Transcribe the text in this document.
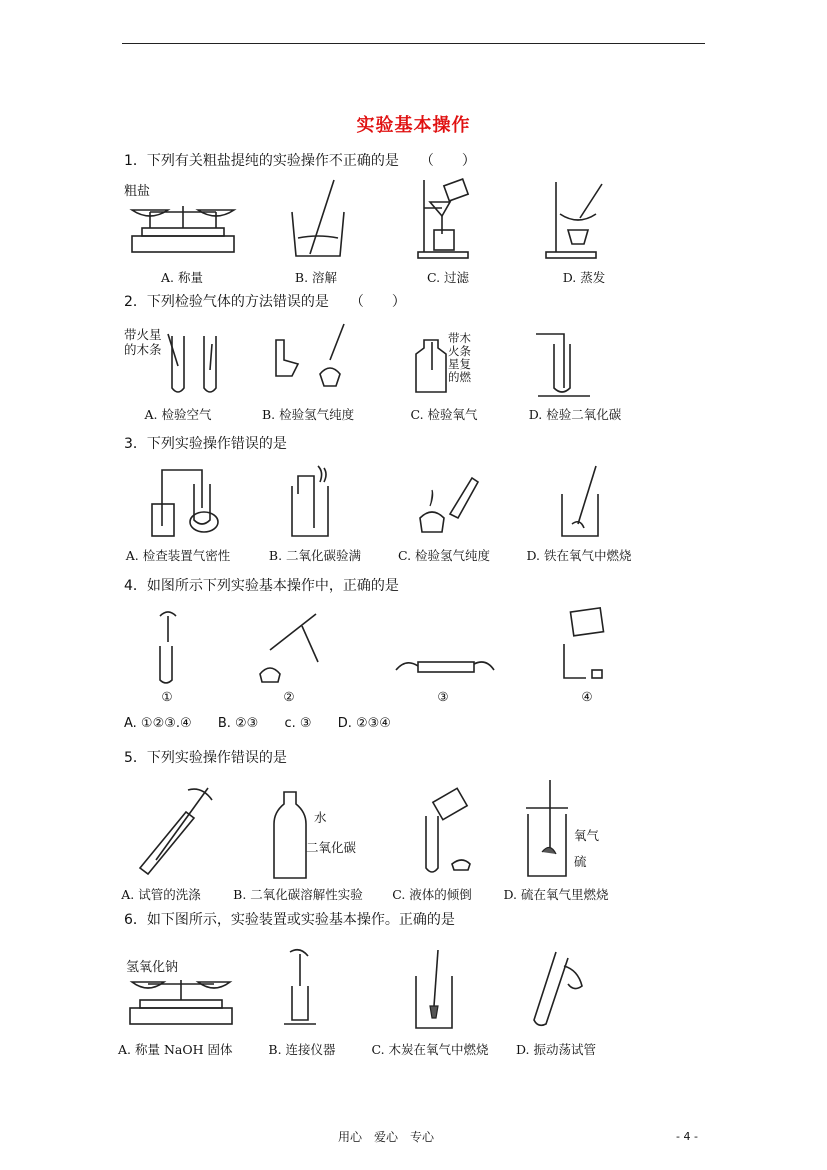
实验基本操作
1．下列有关粗盐提纯的实验操作不正确的是　　（　　）
粗盐
A. 称量	B. 溶解	C. 过滤	D. 蒸发
2．下列检验气体的方法错误的是　　（　　）
带火星
的木条
带木
火条
星复
的燃
A. 检验空气	B. 检验氢气纯度	C. 检验氧气	D. 检验二氧化碳
3．下列实验操作错误的是
A. 检查装置气密性	B. 二氧化碳验满	C. 检验氢气纯度	D. 铁在氧气中燃烧
4．如图所示下列实验基本操作中，正确的是
①	②	③	④
A. ①②③.④ B. ②③ c. ③ D. ②③④
5．下列实验操作错误的是
水
二氧化碳
氧气
硫
A. 试管的洗涤	B. 二氧化碳溶解性实验 C. 液体的倾倒	D. 硫在氧气里燃烧
6．如下图所示，实验装置或实验基本操作。正确的是
氢氧化钠
A. 称量 NaOH 固体	B. 连接仪器	C. 木炭在氧气中燃烧	D. 振动荡试管
用心　爱心　专心	- 4 -
